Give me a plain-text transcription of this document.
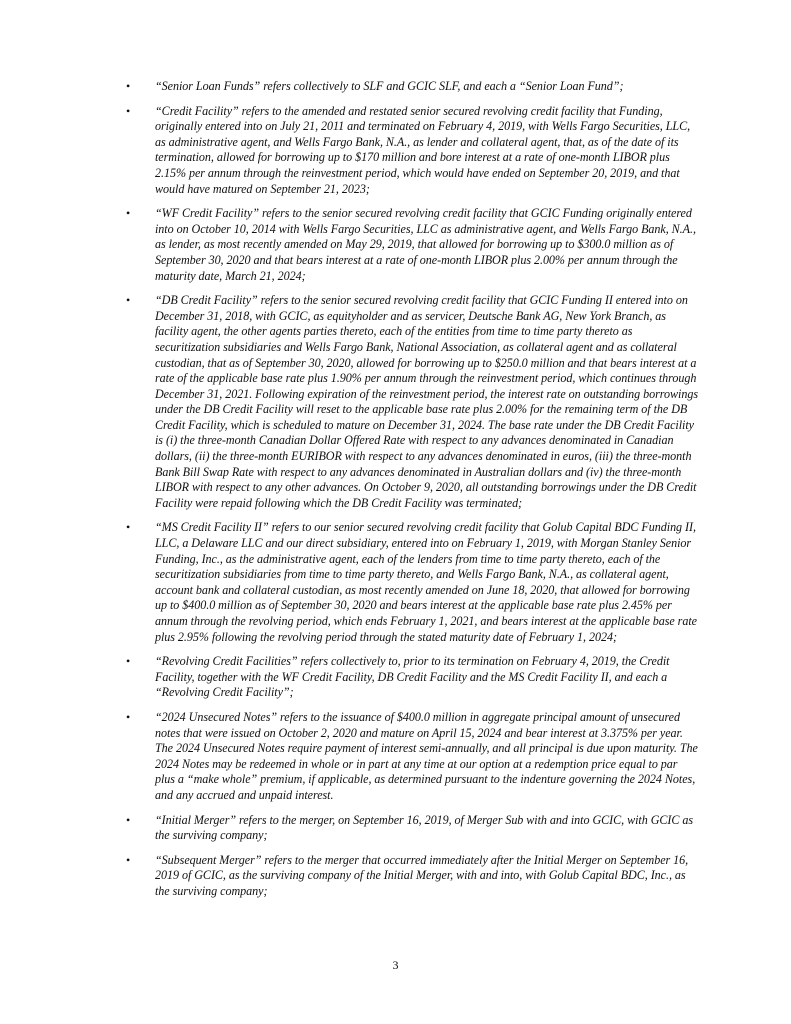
• “Senior Loan Funds” refers collectively to SLF and GCIC SLF, and each a “Senior Loan Fund”;
• “Credit Facility” refers to the amended and restated senior secured revolving credit facility that Funding, originally entered into on July 21, 2011 and terminated on February 4, 2019, with Wells Fargo Securities, LLC, as administrative agent, and Wells Fargo Bank, N.A., as lender and collateral agent, that, as of the date of its termination, allowed for borrowing up to $170 million and bore interest at a rate of one-month LIBOR plus 2.15% per annum through the reinvestment period, which would have ended on September 20, 2019, and that would have matured on September 21, 2023;
• “WF Credit Facility” refers to the senior secured revolving credit facility that GCIC Funding originally entered into on October 10, 2014 with Wells Fargo Securities, LLC as administrative agent, and Wells Fargo Bank, N.A., as lender, as most recently amended on May 29, 2019, that allowed for borrowing up to $300.0 million as of September 30, 2020 and that bears interest at a rate of one-month LIBOR plus 2.00% per annum through the maturity date, March 21, 2024;
• “DB Credit Facility” refers to the senior secured revolving credit facility that GCIC Funding II entered into on December 31, 2018, with GCIC, as equityholder and as servicer, Deutsche Bank AG, New York Branch, as facility agent, the other agents parties thereto, each of the entities from time to time party thereto as securitization subsidiaries and Wells Fargo Bank, National Association, as collateral agent and as collateral custodian, that as of September 30, 2020, allowed for borrowing up to $250.0 million and that bears interest at a rate of the applicable base rate plus 1.90% per annum through the reinvestment period, which continues through December 31, 2021. Following expiration of the reinvestment period, the interest rate on outstanding borrowings under the DB Credit Facility will reset to the applicable base rate plus 2.00% for the remaining term of the DB Credit Facility, which is scheduled to mature on December 31, 2024. The base rate under the DB Credit Facility is (i) the three-month Canadian Dollar Offered Rate with respect to any advances denominated in Canadian dollars, (ii) the three-month EURIBOR with respect to any advances denominated in euros, (iii) the three-month Bank Bill Swap Rate with respect to any advances denominated in Australian dollars and (iv) the three-month LIBOR with respect to any other advances. On October 9, 2020, all outstanding borrowings under the DB Credit Facility were repaid following which the DB Credit Facility was terminated;
• “MS Credit Facility II” refers to our senior secured revolving credit facility that Golub Capital BDC Funding II, LLC, a Delaware LLC and our direct subsidiary, entered into on February 1, 2019, with Morgan Stanley Senior Funding, Inc., as the administrative agent, each of the lenders from time to time party thereto, each of the securitization subsidiaries from time to time party thereto, and Wells Fargo Bank, N.A., as collateral agent, account bank and collateral custodian, as most recently amended on June 18, 2020, that allowed for borrowing up to $400.0 million as of September 30, 2020 and bears interest at the applicable base rate plus 2.45% per annum through the revolving period, which ends February 1, 2021, and bears interest at the applicable base rate plus 2.95% following the revolving period through the stated maturity date of February 1, 2024;
• “Revolving Credit Facilities” refers collectively to, prior to its termination on February 4, 2019, the Credit Facility, together with the WF Credit Facility, DB Credit Facility and the MS Credit Facility II, and each a “Revolving Credit Facility”;
• “2024 Unsecured Notes” refers to the issuance of $400.0 million in aggregate principal amount of unsecured notes that were issued on October 2, 2020 and mature on April 15, 2024 and bear interest at 3.375% per year. The 2024 Unsecured Notes require payment of interest semi-annually, and all principal is due upon maturity. The 2024 Notes may be redeemed in whole or in part at any time at our option at a redemption price equal to par plus a “make whole” premium, if applicable, as determined pursuant to the indenture governing the 2024 Notes, and any accrued and unpaid interest.
• “Initial Merger” refers to the merger, on September 16, 2019, of Merger Sub with and into GCIC, with GCIC as the surviving company;
• “Subsequent Merger” refers to the merger that occurred immediately after the Initial Merger on September 16, 2019 of GCIC, as the surviving company of the Initial Merger, with and into, with Golub Capital BDC, Inc., as the surviving company;
3
